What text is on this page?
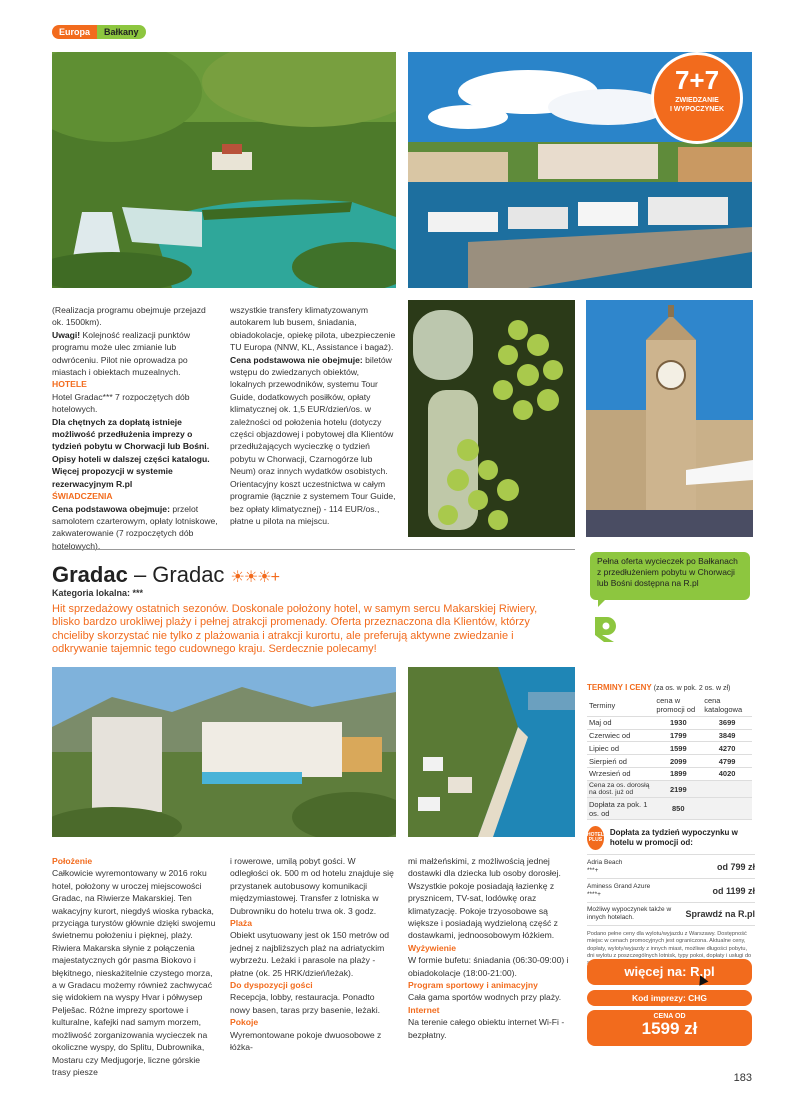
Europa	Bałkany
7+7
ZWIEDZANIE
I WYPOCZYNEK
(Realizacja programu obejmuje przejazd ok. 1500km).
Uwagi! Kolejność realizacji punktów programu może ulec zmianie lub odwróceniu. Pilot nie oprowadza po miastach i obiektach muzealnych.
HOTELE
Hotel Gradac*** 7 rozpoczętych dób hotelowych.
Dla chętnych za dopłatą istnieje możliwość przedłużenia imprezy o tydzień pobytu w Chorwacji lub Bośni. Opisy hoteli w dalszej części katalogu. Więcej propozycji w systemie rezerwacyjnym R.pl
ŚWIADCZENIA
Cena podstawowa obejmuje: przelot samolotem czarterowym, opłaty lotniskowe, zakwaterowanie (7 rozpoczętych dób hotelowych),
wszystkie transfery klimatyzowanym autokarem lub busem, śniadania, obiadokolacje, opiekę pilota, ubezpieczenie TU Europa (NNW, KL, Assistance i bagaż).
Cena podstawowa nie obejmuje: biletów wstępu do zwiedzanych obiektów, lokalnych przewodników, systemu Tour Guide, dodatkowych posiłków, opłaty klimatycznej ok. 1,5 EUR/dzień/os. w zależności od położenia hotelu (dotyczy części objazdowej i pobytowej dla Klientów przedłużających wycieczkę o tydzień pobytu w Chorwacji, Czarnogórze lub Neum) oraz innych wydatków osobistych. Orientacyjny koszt uczestnictwa w całym programie (łącznie z systemem Tour Guide, bez opłaty klimatycznej) - 114 EUR/os., płatne u pilota na miejscu.
Gradac – Gradac ☀☀☀+
Kategoria lokalna: ***
Pełna oferta wycieczek po Bałkanach z przedłużeniem pobytu w Chorwacji lub Bośni dostępna na R.pl
Hit sprzedażowy ostatnich sezonów. Doskonale położony hotel, w samym sercu Makarskiej Riwiery, blisko bardzo urokliwej plaży i pełnej atrakcji promenady. Oferta przeznaczona dla Klientów, którzy chcieliby skorzystać nie tylko z plażowania i atrakcji kurortu, ale preferują aktywne zwiedzanie i odkrywanie tajemnic tego cudownego kraju. Serdecznie polecamy!
Położenie
Całkowicie wyremontowany w 2016 roku hotel, położony w uroczej miejscowości Gradac, na Riwierze Makarskiej. Ten wakacyjny kurort, niegdyś wioska rybacka, przyciąga turystów głównie dzięki swojemu świetnemu położeniu i pięknej, plaży. Riwiera Makarska słynie z połączenia majestatycznych gór pasma Biokovo i błękitnego, nieskażitelnie czystego morza, a w Gradacu możemy również zachwycać się widokiem na wyspy Hvar i półwysep Pelješac. Różne imprezy sportowe i kulturalne, kafejki nad samym morzem, możliwość zorganizowania wycieczek na okoliczne wyspy, do Splitu, Dubrownika, Mostaru czy Medjugorje, liczne górskie trasy piesze
i rowerowe, umilą pobyt gości. W odległości ok. 500 m od hotelu znajduje się przystanek autobusowy komunikacji międzymiastowej. Transfer z lotniska w Dubrowniku do hotelu trwa ok. 3 godz.
Plaża
Obiekt usytuowany jest ok 150 metrów od jednej z najbliższych plaż na adriatyckim wybrzeżu. Leżaki i parasole na plaży - płatne (ok. 25 HRK/dzień/leżak).
Do dyspozycji gości
Recepcja, lobby, restauracja. Ponadto nowy basen, taras przy basenie, leżaki.
Pokoje
Wyremontowane pokoje dwuosobowe z łóżka-
mi małżeńskimi, z możliwością jednej dostawki dla dziecka lub osoby dorosłej. Wszystkie pokoje posiadają łazienkę z prysznicem, TV-sat, lodówkę oraz klimatyzację. Pokoje trzyosobowe są większe i posiadają wydzieloną część z dostawkami, jednoosobowym łóżkiem.
Wyżywienie
W formie bufetu: śniadania (06:30-09:00) i obiadokolacje (18:00-21:00).
Program sportowy i animacyjny
Cała gama sportów wodnych przy plaży.
Internet
Na terenie całego obiektu internet Wi-Fi - bezpłatny.
TERMINY I CENY (za os. w pok. 2 os. w zł)
Terminy	cena w promocji od	cena katalogowa
Maj od	1930	3699
Czerwiec od	1799	3849
Lipiec od	1599	4270
Sierpień od	2099	4799
Wrzesień od	1899	4020
Cena za os. dorosłą na dost. już od	2199	
Dopłata za pok. 1 os. od	850	
HOTEL PLUS
Dopłata za tydzień wypoczynku w hotelu w promocji od:
Adria Beach
***+	od 799 zł
Aminess Grand Azure
****+	od 1199 zł
Możliwy wypoczynek także w innych hotelach.	Sprawdź na R.pl
Podano pełne ceny dla wylotu/wyjazdu z Warszawy. Dostępność miejsc w cenach promocyjnych jest ograniczona. Aktualne ceny, dopłaty, wyloty/wyjazdy z innych miast, możliwe długości pobytu, dni wylotu z poszczególnych lotnisk, typy pokoi, dopłaty i usługi do
więcej na: R.pl
Kod imprezy: CHG
CENA OD
1599 zł
183
